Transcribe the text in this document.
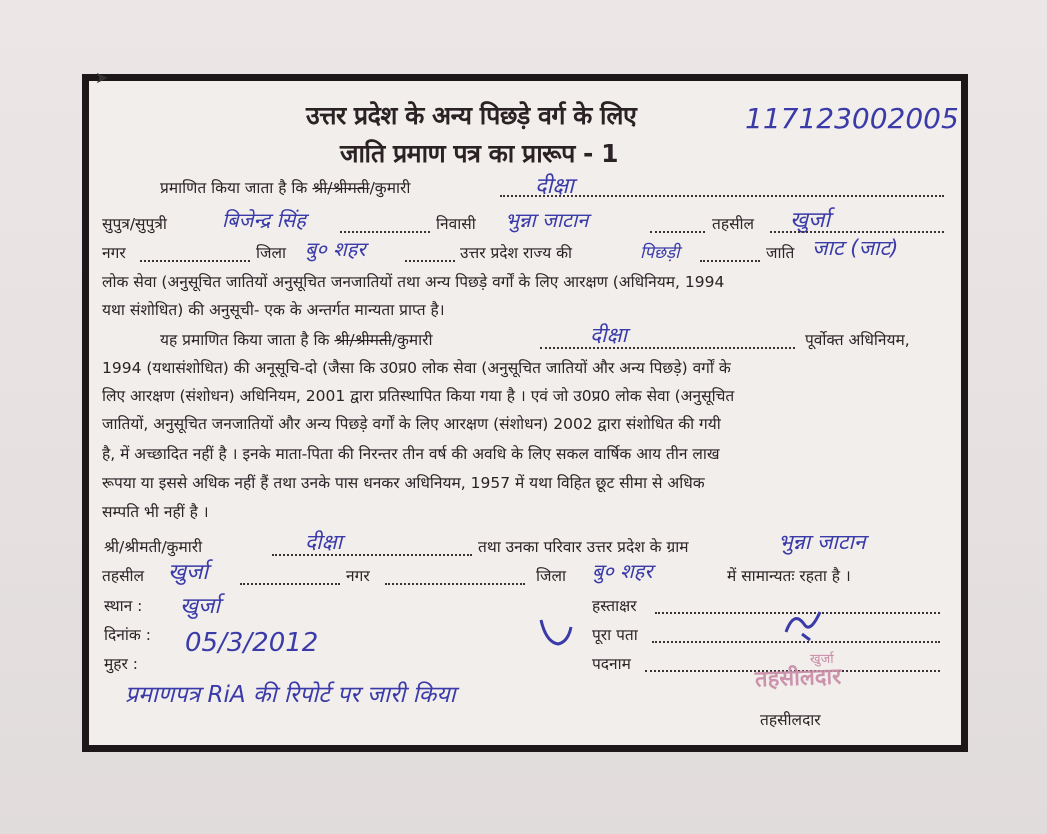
➤
उत्तर प्रदेश के अन्य पिछड़े वर्ग के लिए	117123002005
जाति प्रमाण पत्र का प्रारूप - 1
प्रमाणित किया जाता है कि श्री/श्रीमती/कुमारी	दीक्षा
सुपुत्र/सुपुत्री	बिजेन्द्र सिंह	निवासी भुन्ना जाटान	तहसील खुर्जा
नगर	जिला बु० शहर	उत्तर प्रदेश राज्य की	पिछड़ी	जाति जाट (जाट)
लोक सेवा (अनुसूचित जातियों अनुसूचित जनजातियों तथा अन्य पिछड़े वर्गों के लिए आरक्षण (अधिनियम, 1994
यथा संशोधित) की अनुसूची- एक के अन्तर्गत मान्यता प्राप्त है।
यह प्रमाणित किया जाता है कि श्री/श्रीमती/कुमारी	दीक्षा	पूर्वोक्त अधिनियम,
1994 (यथासंशोधित) की अनूसूचि-दो (जैसा कि उ0प्र0 लोक सेवा (अनुसूचित जातियों और अन्य पिछड़े) वर्गों के
लिए आरक्षण (संशोधन) अधिनियम, 2001 द्वारा प्रतिस्थापित किया गया है । एवं जो उ0प्र0 लोक सेवा (अनुसूचित
जातियों, अनुसूचित जनजातियों और अन्य पिछड़े वर्गों के लिए आरक्षण (संशोधन) 2002 द्वारा संशोधित की गयी
है, में अच्छादित नहीं है । इनके माता-पिता की निरन्तर तीन वर्ष की अवधि के लिए सकल वार्षिक आय तीन लाख
रूपया या इससे अधिक नहीं हैं तथा उनके पास धनकर अधिनियम, 1957 में यथा विहित छूट सीमा से अधिक
सम्पति भी नहीं है ।
श्री/श्रीमती/कुमारी	दीक्षा	तथा उनका परिवार उत्तर प्रदेश के ग्राम	भुन्ना जाटान
तहसील खुर्जा	नगर	जिला बु० शहर	में सामान्यतः रहता है ।
स्थान : खुर्जा
दिनांक : 05/3/2012
मुहर :
प्रमाणपत्र RiA की रिपोर्ट पर जारी किया
हस्ताक्षर
पूरा पता
पदनाम
तहसीलदार
खुर्जा
तहसीलदार
